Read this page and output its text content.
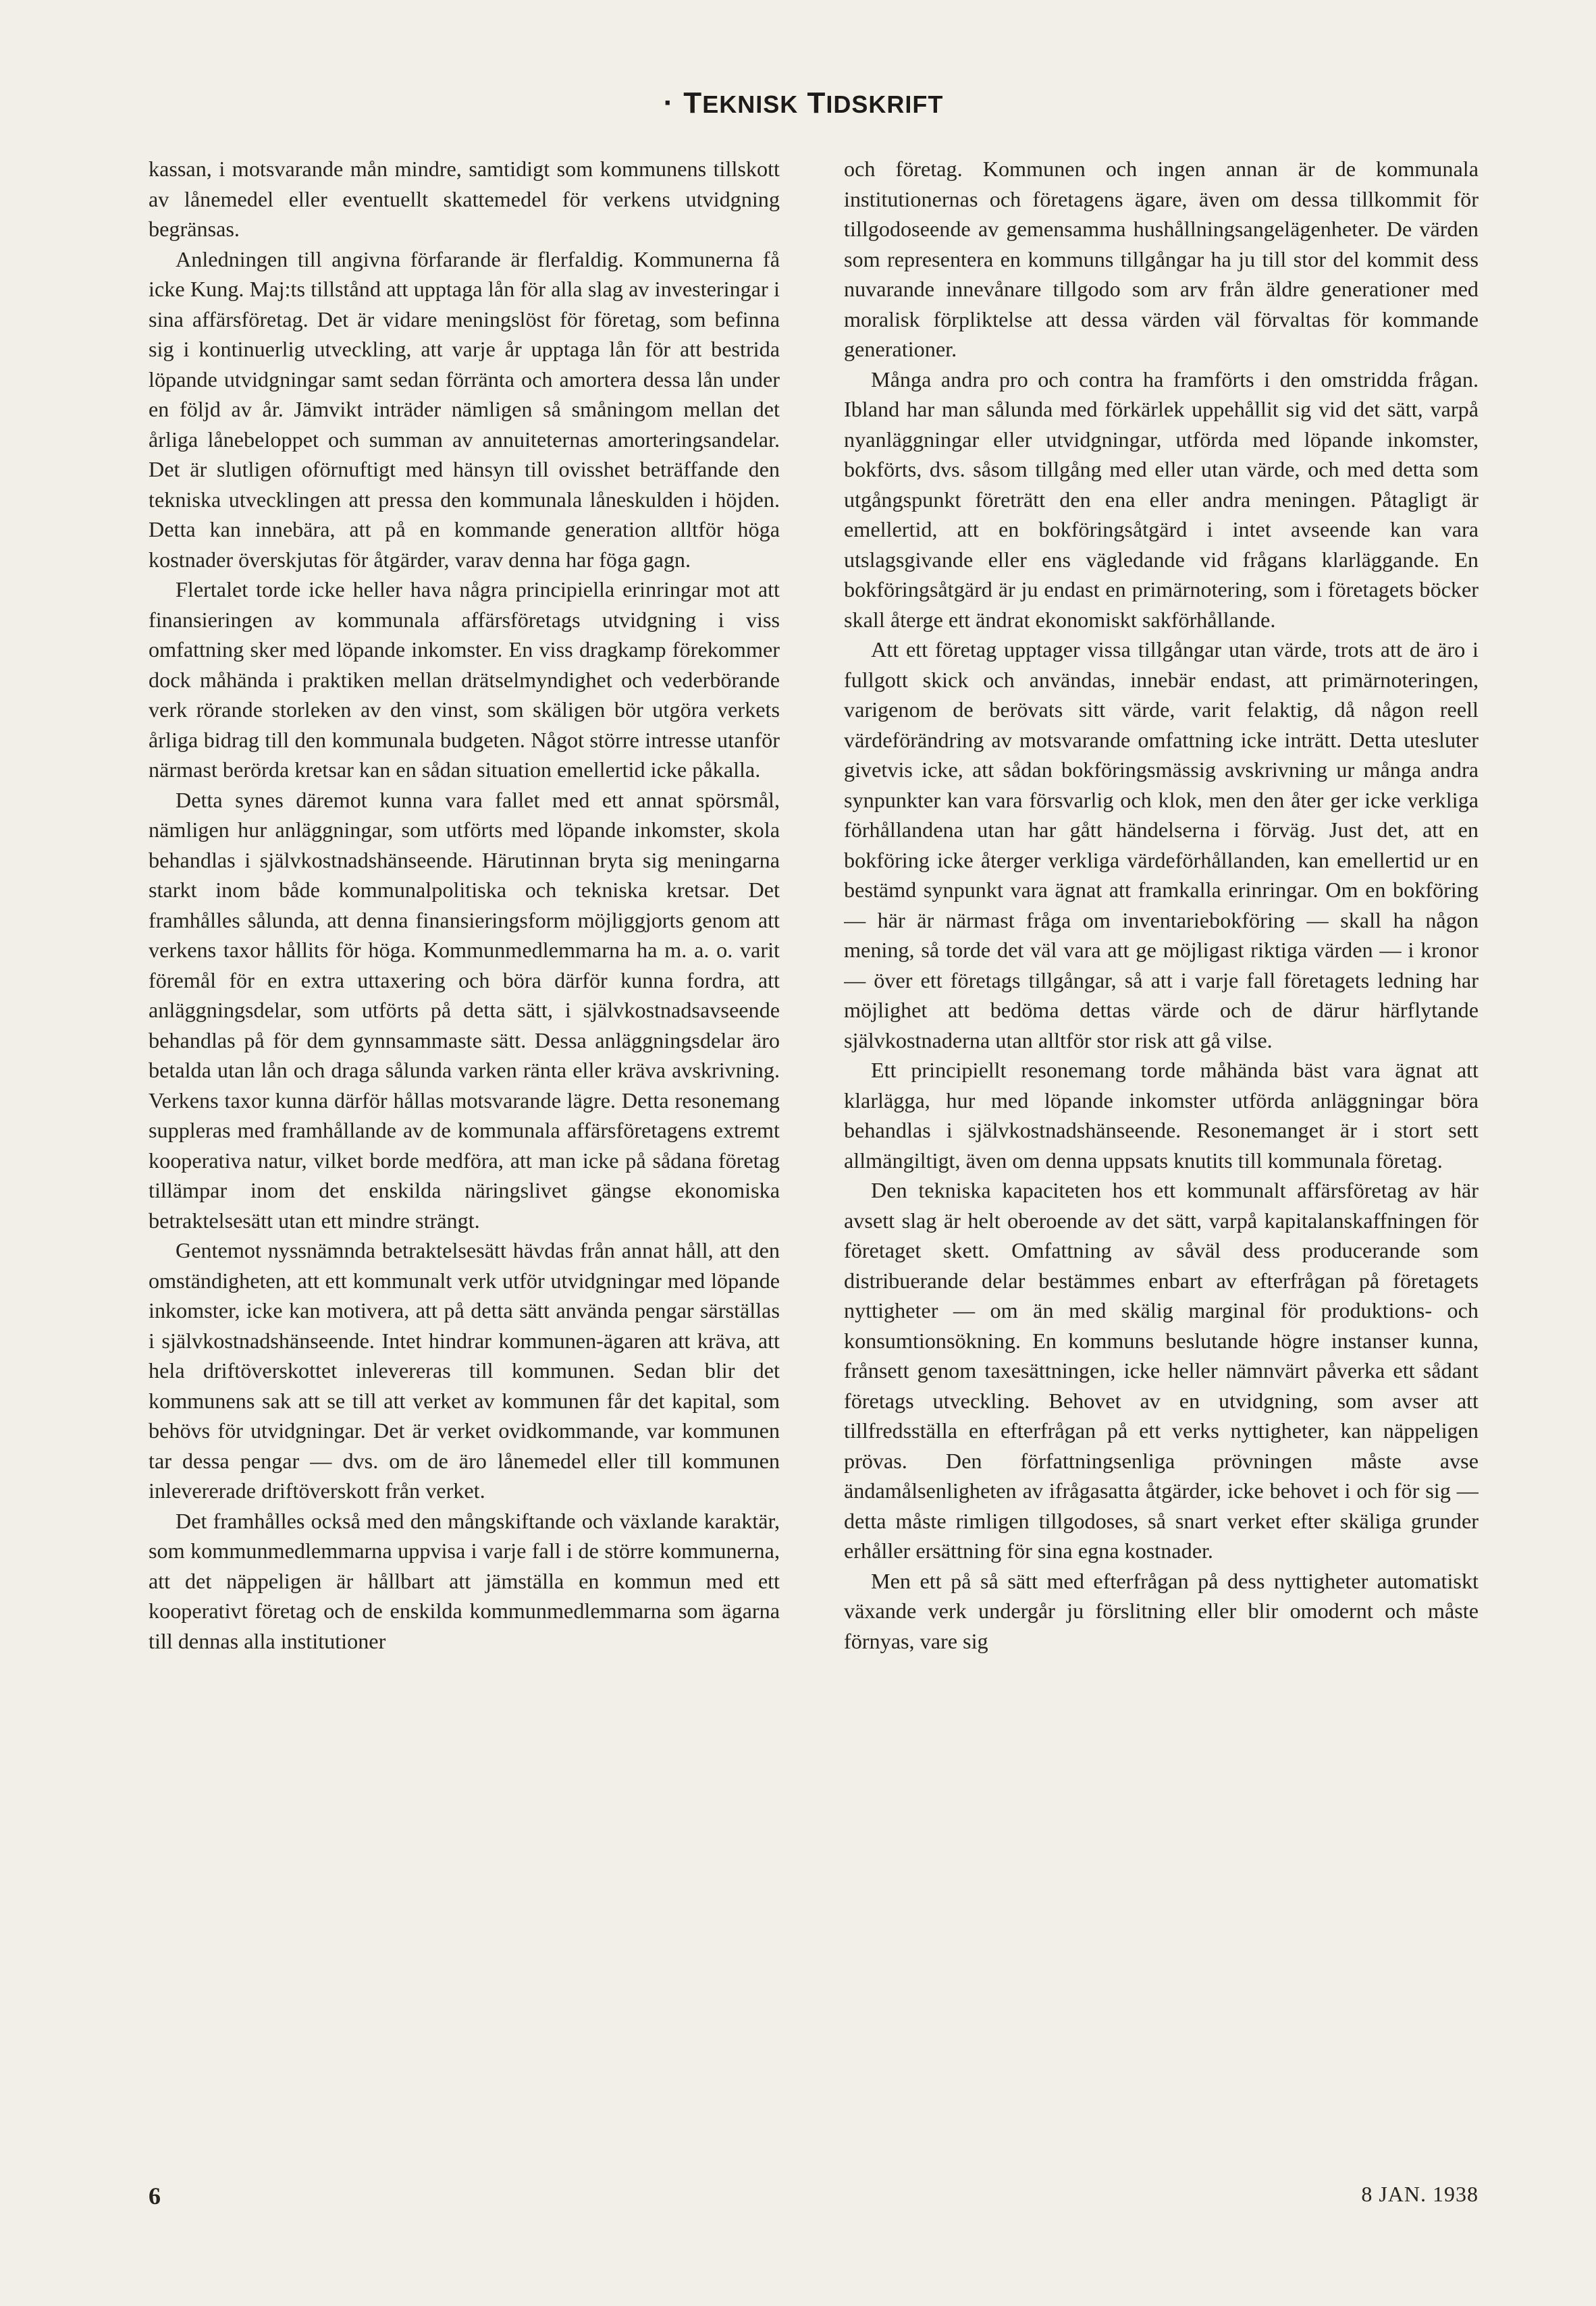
· TEKNISK TIDSKRIFT

kassan, i motsvarande mån mindre, samtidigt som kommunens tillskott av lånemedel eller eventuellt skattemedel för verkens utvidgning begränsas.

Anledningen till angivna förfarande är flerfaldig. Kommunerna få icke Kung. Maj:ts tillstånd att upptaga lån för alla slag av investeringar i sina affärsföretag. Det är vidare meningslöst för företag, som befinna sig i kontinuerlig utveckling, att varje år upptaga lån för att bestrida löpande utvidgningar samt sedan förränta och amortera dessa lån under en följd av år. Jämvikt inträder nämligen så småningom mellan det årliga lånebeloppet och summan av annuiteternas amorteringsandelar. Det är slutligen oförnuftigt med hänsyn till ovisshet beträffande den tekniska utvecklingen att pressa den kommunala låneskulden i höjden. Detta kan innebära, att på en kommande generation alltför höga kostnader överskjutas för åtgärder, varav denna har föga gagn.

Flertalet torde icke heller hava några principiella erinringar mot att finansieringen av kommunala affärsföretags utvidgning i viss omfattning sker med löpande inkomster. En viss dragkamp förekommer dock måhända i praktiken mellan drätselmyndighet och vederbörande verk rörande storleken av den vinst, som skäligen bör utgöra verkets årliga bidrag till den kommunala budgeten. Något större intresse utanför närmast berörda kretsar kan en sådan situation emellertid icke påkalla.

Detta synes däremot kunna vara fallet med ett annat spörsmål, nämligen hur anläggningar, som utförts med löpande inkomster, skola behandlas i självkostnadshänseende. Härutinnan bryta sig meningarna starkt inom både kommunalpolitiska och tekniska kretsar. Det framhålles sålunda, att denna finansieringsform möjliggjorts genom att verkens taxor hållits för höga. Kommunmedlemmarna ha m. a. o. varit föremål för en extra uttaxering och böra därför kunna fordra, att anläggningsdelar, som utförts på detta sätt, i självkostnadsavseende behandlas på för dem gynnsammaste sätt. Dessa anläggningsdelar äro betalda utan lån och draga sålunda varken ränta eller kräva avskrivning. Verkens taxor kunna därför hållas motsvarande lägre. Detta resonemang suppleras med framhållande av de kommunala affärsföretagens extremt kooperativa natur, vilket borde medföra, att man icke på sådana företag tillämpar inom det enskilda näringslivet gängse ekonomiska betraktelsesätt utan ett mindre strängt.

Gentemot nyssnämnda betraktelsesätt hävdas från annat håll, att den omständigheten, att ett kommunalt verk utför utvidgningar med löpande inkomster, icke kan motivera, att på detta sätt använda pengar särställas i självkostnadshänseende. Intet hindrar kommunen-ägaren att kräva, att hela driftöverskottet inlevereras till kommunen. Sedan blir det kommunens sak att se till att verket av kommunen får det kapital, som behövs för utvidgningar. Det är verket ovidkommande, var kommunen tar dessa pengar — dvs. om de äro lånemedel eller till kommunen inlevererade driftöverskott från verket.

Det framhålles också med den mångskiftande och växlande karaktär, som kommunmedlemmarna uppvisa i varje fall i de större kommunerna, att det näppeligen är hållbart att jämställa en kommun med ett kooperativt företag och de enskilda kommunmedlemmarna som ägarna till dennas alla institutioner

och företag. Kommunen och ingen annan är de kommunala institutionernas och företagens ägare, även om dessa tillkommit för tillgodoseende av gemensamma hushållningsangelägenheter. De värden som representera en kommuns tillgångar ha ju till stor del kommit dess nuvarande innevånare tillgodo som arv från äldre generationer med moralisk förpliktelse att dessa värden väl förvaltas för kommande generationer.

Många andra pro och contra ha framförts i den omstridda frågan. Ibland har man sålunda med förkärlek uppehållit sig vid det sätt, varpå nyanläggningar eller utvidgningar, utförda med löpande inkomster, bokförts, dvs. såsom tillgång med eller utan värde, och med detta som utgångspunkt företrätt den ena eller andra meningen. Påtagligt är emellertid, att en bokföringsåtgärd i intet avseende kan vara utslagsgivande eller ens vägledande vid frågans klarläggande. En bokföringsåtgärd är ju endast en primärnotering, som i företagets böcker skall återge ett ändrat ekonomiskt sakförhållande.

Att ett företag upptager vissa tillgångar utan värde, trots att de äro i fullgott skick och användas, innebär endast, att primärnoteringen, varigenom de berövats sitt värde, varit felaktig, då någon reell värdeförändring av motsvarande omfattning icke inträtt. Detta utesluter givetvis icke, att sådan bokföringsmässig avskrivning ur många andra synpunkter kan vara försvarlig och klok, men den åter ger icke verkliga förhållandena utan har gått händelserna i förväg. Just det, att en bokföring icke återger verkliga värdeförhållanden, kan emellertid ur en bestämd synpunkt vara ägnat att framkalla erinringar. Om en bokföring — här är närmast fråga om inventariebokföring — skall ha någon mening, så torde det väl vara att ge möjligast riktiga värden — i kronor — över ett företags tillgångar, så att i varje fall företagets ledning har möjlighet att bedöma dettas värde och de därur härflytande självkostnaderna utan alltför stor risk att gå vilse.

Ett principiellt resonemang torde måhända bäst vara ägnat att klarlägga, hur med löpande inkomster utförda anläggningar böra behandlas i självkostnadshänseende. Resonemanget är i stort sett allmängiltigt, även om denna uppsats knutits till kommunala företag.

Den tekniska kapaciteten hos ett kommunalt affärsföretag av här avsett slag är helt oberoende av det sätt, varpå kapitalanskaffningen för företaget skett. Omfattning av såväl dess producerande som distribuerande delar bestämmes enbart av efterfrågan på företagets nyttigheter — om än med skälig marginal för produktions- och konsumtionsökning. En kommuns beslutande högre instanser kunna, frånsett genom taxesättningen, icke heller nämnvärt påverka ett sådant företags utveckling. Behovet av en utvidgning, som avser att tillfredsställa en efterfrågan på ett verks nyttigheter, kan näppeligen prövas. Den författningsenliga prövningen måste avse ändamålsenligheten av ifrågasatta åtgärder, icke behovet i och för sig — detta måste rimligen tillgodoses, så snart verket efter skäliga grunder erhåller ersättning för sina egna kostnader.

Men ett på så sätt med efterfrågan på dess nyttigheter automatiskt växande verk undergår ju förslitning eller blir omodernt och måste förnyas, vare sig

6	8 JAN. 1938
